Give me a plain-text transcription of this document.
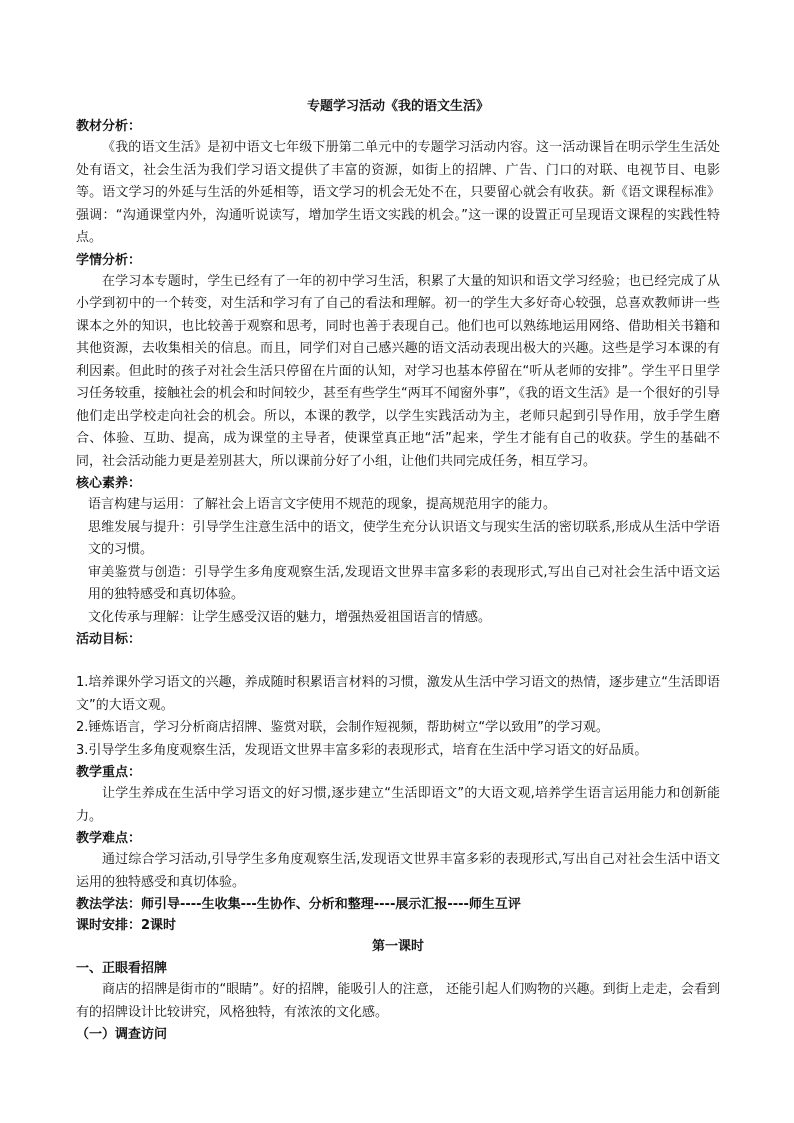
专题学习活动《我的语文生活》

教材分析：

《我的语文生活》是初中语文七年级下册第二单元中的专题学习活动内容。这一活动课旨在明示学生生活处处有语文，社会生活为我们学习语文提供了丰富的资源，如街上的招牌、广告、门口的对联、电视节目、电影等。语文学习的外延与生活的外延相等，语文学习的机会无处不在，只要留心就会有收获。新《语文课程标准》强调：“沟通课堂内外，沟通听说读写，增加学生语文实践的机会。”这一课的设置正可呈现语文课程的实践性特点。

学情分析：

在学习本专题时，学生已经有了一年的初中学习生活，积累了大量的知识和语文学习经验；也已经完成了从小学到初中的一个转变，对生活和学习有了自己的看法和理解。初一的学生大多好奇心较强，总喜欢教师讲一些课本之外的知识，也比较善于观察和思考，同时也善于表现自己。他们也可以熟练地运用网络、借助相关书籍和其他资源，去收集相关的信息。而且，同学们对自己感兴趣的语文活动表现出极大的兴趣。这些是学习本课的有利因素。但此时的孩子对社会生活只停留在片面的认知，对学习也基本停留在“听从老师的安排”。学生平日里学习任务较重，接触社会的机会和时间较少，甚至有些学生“两耳不闻窗外事”，《我的语文生活》是一个很好的引导他们走出学校走向社会的机会。所以，本课的教学，以学生实践活动为主，老师只起到引导作用，放手学生磨合、体验、互助、提高，成为课堂的主导者，使课堂真正地“活”起来，学生才能有自己的收获。学生的基础不同，社会活动能力更是差别甚大，所以课前分好了小组，让他们共同完成任务，相互学习。

核心素养：

语言构建与运用：了解社会上语言文字使用不规范的现象，提高规范用字的能力。

思维发展与提升：引导学生注意生活中的语文，使学生充分认识语文与现实生活的密切联系,形成从生活中学语文的习惯。

审美鉴赏与创造：引导学生多角度观察生活,发现语文世界丰富多彩的表现形式,写出自己对社会生活中语文运用的独特感受和真切体验。

文化传承与理解：让学生感受汉语的魅力，增强热爱祖国语言的情感。

活动目标：

1.培养课外学习语文的兴趣，养成随时积累语言材料的习惯，激发从生活中学习语文的热情，逐步建立“生活即语文”的大语文观。

2.锤炼语言，学习分析商店招牌、鉴赏对联，会制作短视频，帮助树立“学以致用”的学习观。

3.引导学生多角度观察生活，发现语文世界丰富多彩的表现形式，培育在生活中学习语文的好品质。

教学重点：

让学生养成在生活中学习语文的好习惯,逐步建立“生活即语文”的大语文观,培养学生语言运用能力和创新能力。

教学难点：

通过综合学习活动,引导学生多角度观察生活,发现语文世界丰富多彩的表现形式,写出自己对社会生活中语文运用的独特感受和真切体验。

教法学法：师引导----生收集---生协作、分析和整理----展示汇报----师生互评

课时安排：2课时

第一课时

一、正眼看招牌

商店的招牌是街市的“眼睛”。好的招牌，能吸引人的注意， 还能引起人们购物的兴趣。到街上走走，会看到有的招牌设计比较讲究，风格独特，有浓浓的文化感。

（一）调查访问
